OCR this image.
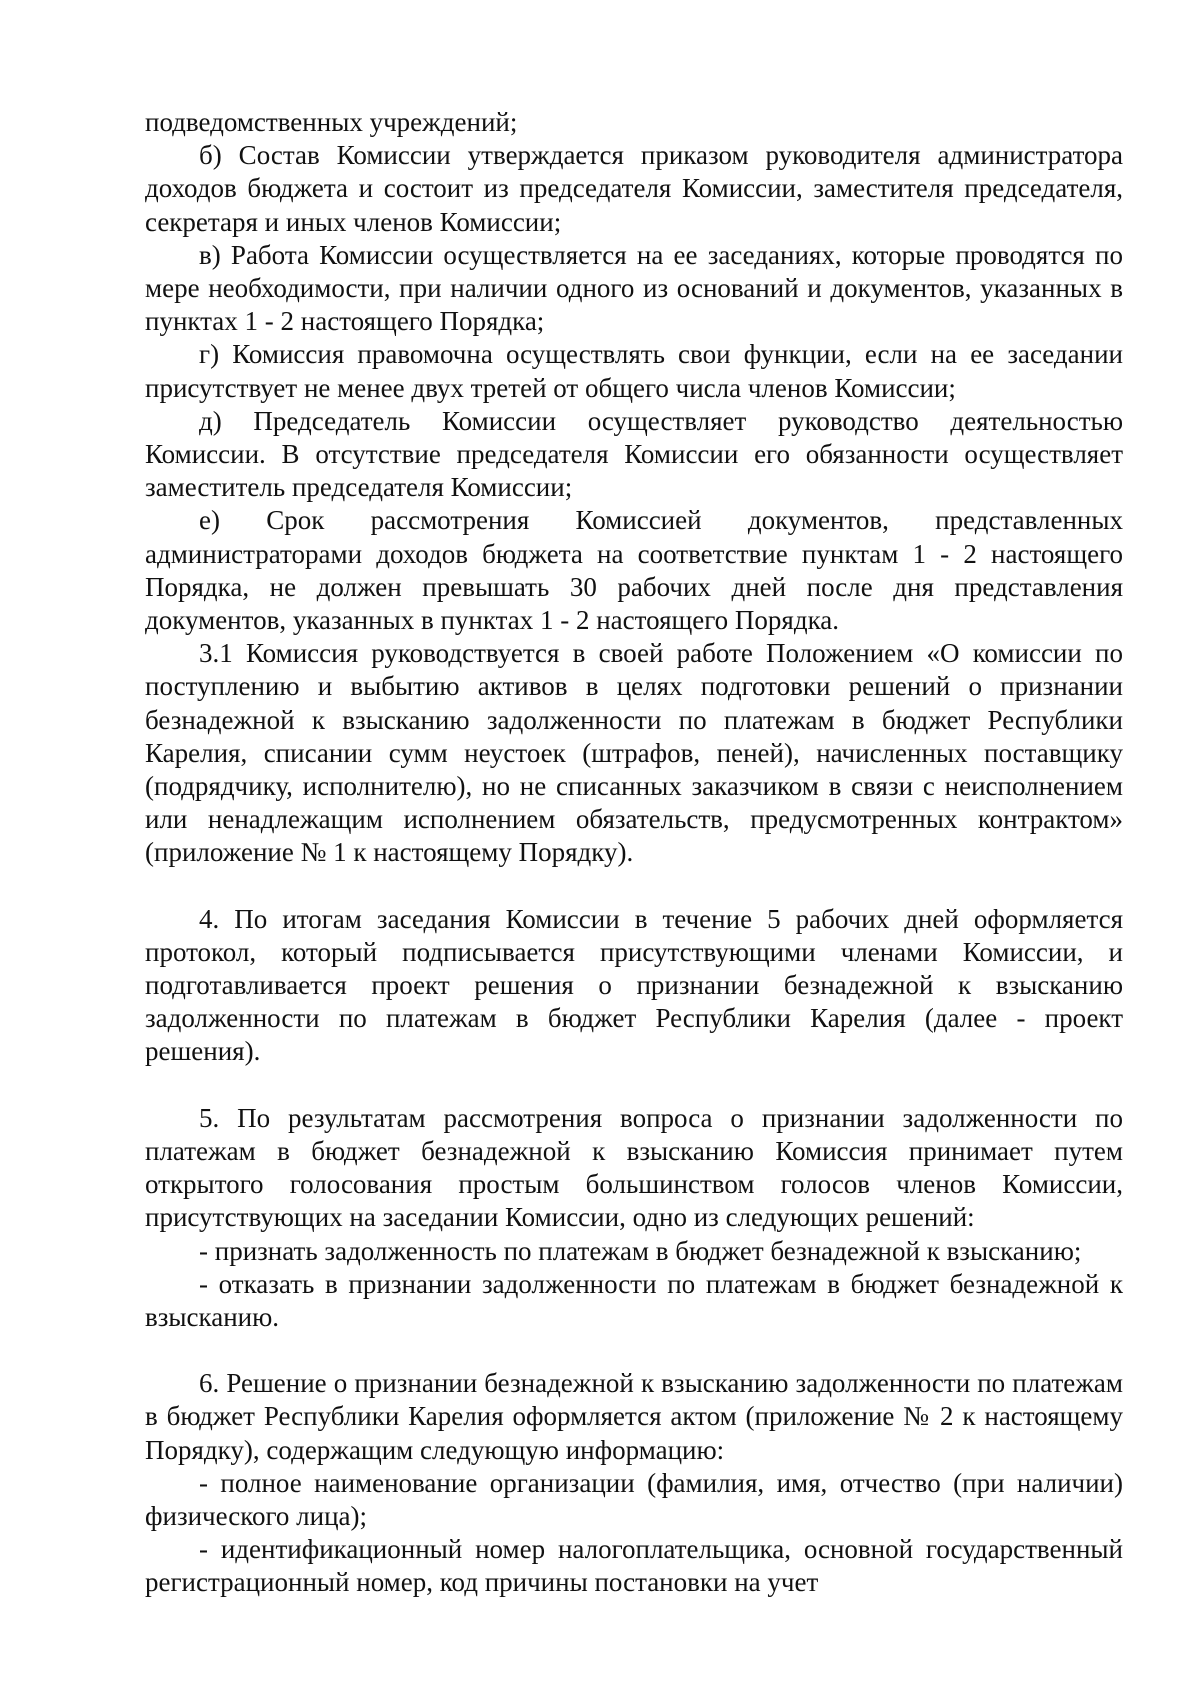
подведомственных учреждений;

б) Состав Комиссии утверждается приказом руководителя администратора доходов бюджета и состоит из председателя Комиссии, заместителя председателя, секретаря и иных членов Комиссии;

в) Работа Комиссии осуществляется на ее заседаниях, которые проводятся по мере необходимости, при наличии одного из оснований и документов, указанных в пунктах 1 - 2 настоящего Порядка;

г) Комиссия правомочна осуществлять свои функции, если на ее заседании присутствует не менее двух третей от общего числа членов Комиссии;

д) Председатель Комиссии осуществляет руководство деятельностью Комиссии. В отсутствие председателя Комиссии его обязанности осуществляет заместитель председателя Комиссии;

е) Срок рассмотрения Комиссией документов, представленных администраторами доходов бюджета на соответствие пунктам 1 - 2 настоящего Порядка, не должен превышать 30 рабочих дней после дня представления документов, указанных в пунктах 1 - 2 настоящего Порядка.

3.1 Комиссия руководствуется в своей работе Положением «О комиссии по поступлению и выбытию активов в целях подготовки решений о признании безнадежной к взысканию задолженности по платежам в бюджет Республики Карелия, списании сумм неустоек (штрафов, пеней), начисленных поставщику (подрядчику, исполнителю), но не списанных заказчиком в связи с неисполнением или ненадлежащим исполнением обязательств, предусмотренных контрактом» (приложение № 1 к настоящему Порядку).

4. По итогам заседания Комиссии в течение 5 рабочих дней оформляется протокол, который подписывается присутствующими членами Комиссии, и подготавливается проект решения о признании безнадежной к взысканию задолженности по платежам в бюджет Республики Карелия (далее - проект решения).

5. По результатам рассмотрения вопроса о признании задолженности по платежам в бюджет безнадежной к взысканию Комиссия принимает путем открытого голосования простым большинством голосов членов Комиссии, присутствующих на заседании Комиссии, одно из следующих решений:

- признать задолженность по платежам в бюджет безнадежной к взысканию;

- отказать в признании задолженности по платежам в бюджет безнадежной к взысканию.

6. Решение о признании безнадежной к взысканию задолженности по платежам в бюджет Республики Карелия оформляется актом (приложение № 2 к настоящему Порядку), содержащим следующую информацию:

- полное наименование организации (фамилия, имя, отчество (при наличии) физического лица);

- идентификационный номер налогоплательщика, основной государственный регистрационный номер, код причины постановки на учет
